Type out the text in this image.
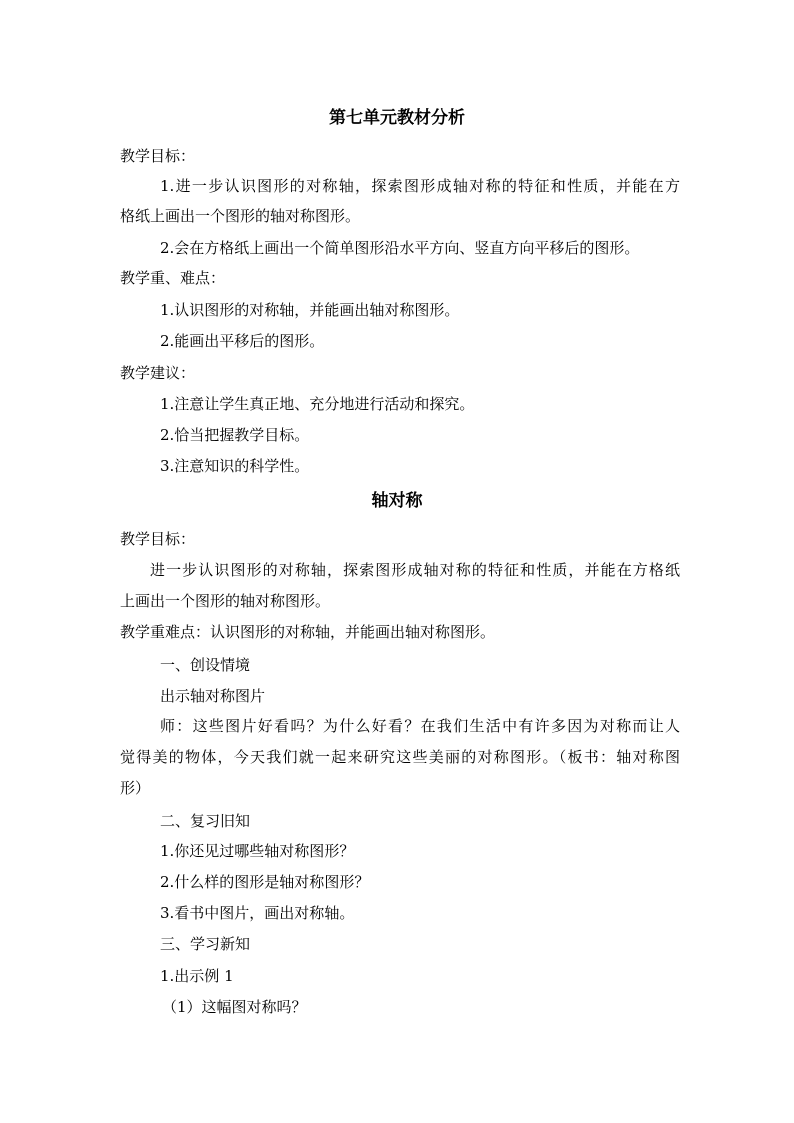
第七单元教材分析
教学目标：
1.进一步认识图形的对称轴，探索图形成轴对称的特征和性质，并能在方
格纸上画出一个图形的轴对称图形。
2.会在方格纸上画出一个简单图形沿水平方向、竖直方向平移后的图形。
教学重、难点：
1.认识图形的对称轴，并能画出轴对称图形。
2.能画出平移后的图形。
教学建议：
1.注意让学生真正地、充分地进行活动和探究。
2.恰当把握教学目标。
3.注意知识的科学性。
轴对称
教学目标：
进一步认识图形的对称轴，探索图形成轴对称的特征和性质，并能在方格纸
上画出一个图形的轴对称图形。
教学重难点：认识图形的对称轴，并能画出轴对称图形。
一、创设情境
出示轴对称图片
师：这些图片好看吗？为什么好看？在我们生活中有许多因为对称而让人
觉得美的物体，今天我们就一起来研究这些美丽的对称图形。（板书：轴对称图
形）
二、复习旧知
1.你还见过哪些轴对称图形？
2.什么样的图形是轴对称图形？
3.看书中图片，画出对称轴。
三、学习新知
1.出示例 1
（1）这幅图对称吗？
